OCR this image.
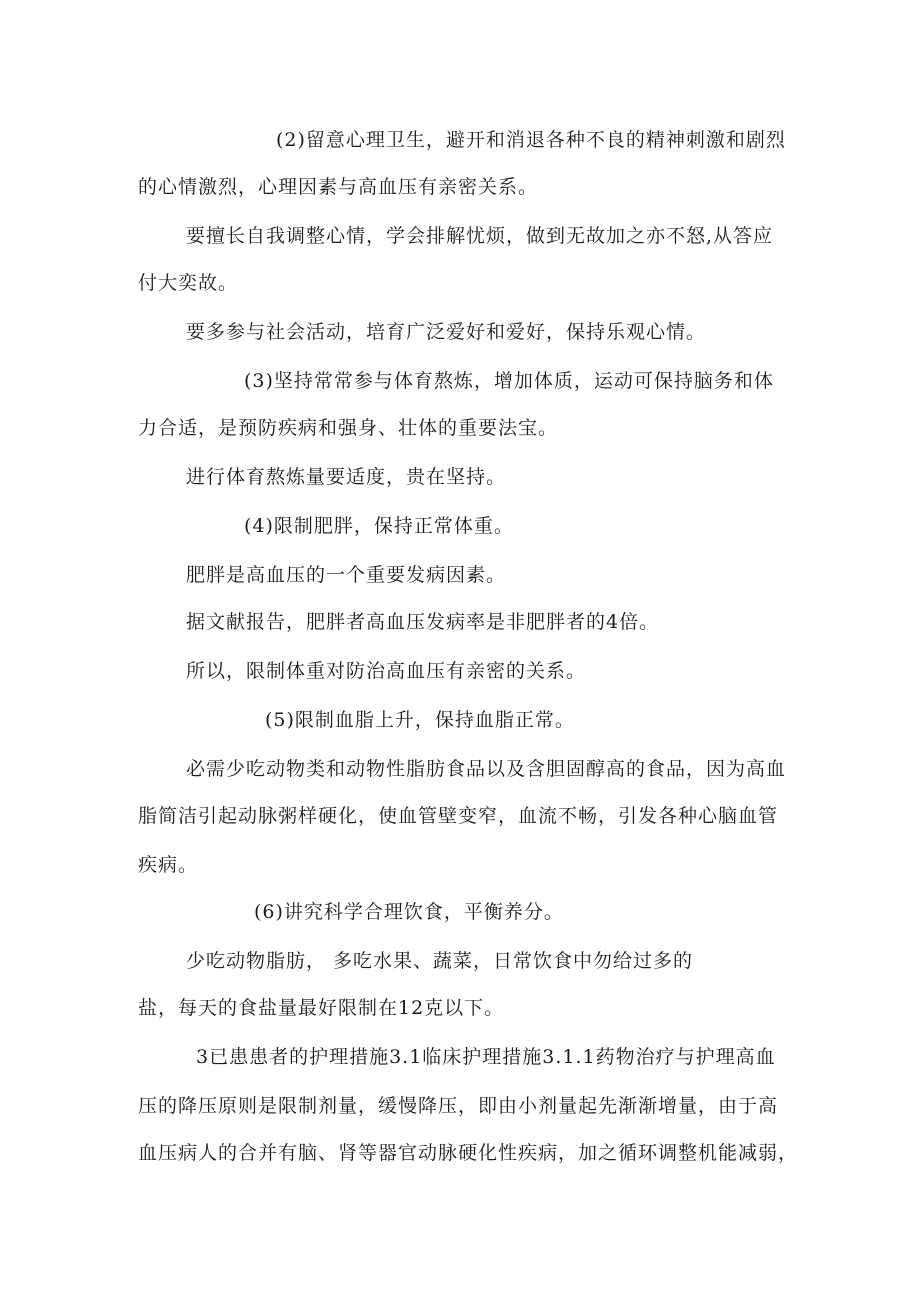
(2)留意心理卫生，避开和消退各种不良的精神刺激和剧烈
的心情激烈，心理因素与高血压有亲密关系。
要擅长自我调整心情，学会排解忧烦，做到无故加之亦不怒,从答应
付大奕故。
要多参与社会活动，培育广泛爱好和爱好，保持乐观心情。
(3)坚持常常参与体育熬炼，增加体质，运动可保持脑务和体
力合适，是预防疾病和强身、壮体的重要法宝。
进行体育熬炼量要适度，贵在坚持。
(4)限制肥胖，保持正常体重。
肥胖是高血压的一个重要发病因素。
据文献报告，肥胖者高血压发病率是非肥胖者的4倍。
所以，限制体重对防治高血压有亲密的关系。
(5)限制血脂上升，保持血脂正常。
必需少吃动物类和动物性脂肪食品以及含胆固醇高的食品，因为高血
脂简洁引起动脉粥样硬化，使血管壁变窄，血流不畅，引发各种心脑血管
疾病。
(6)讲究科学合理饮食，平衡养分。
少吃动物脂肪， 多吃水果、蔬菜，日常饮食中勿给过多的
盐，每天的食盐量最好限制在12克以下。
3已患患者的护理措施3.1临床护理措施3.1.1药物治疗与护理高血
压的降压原则是限制剂量，缓慢降压，即由小剂量起先渐渐增量，由于高
血压病人的合并有脑、肾等器官动脉硬化性疾病，加之循环调整机能减弱，
